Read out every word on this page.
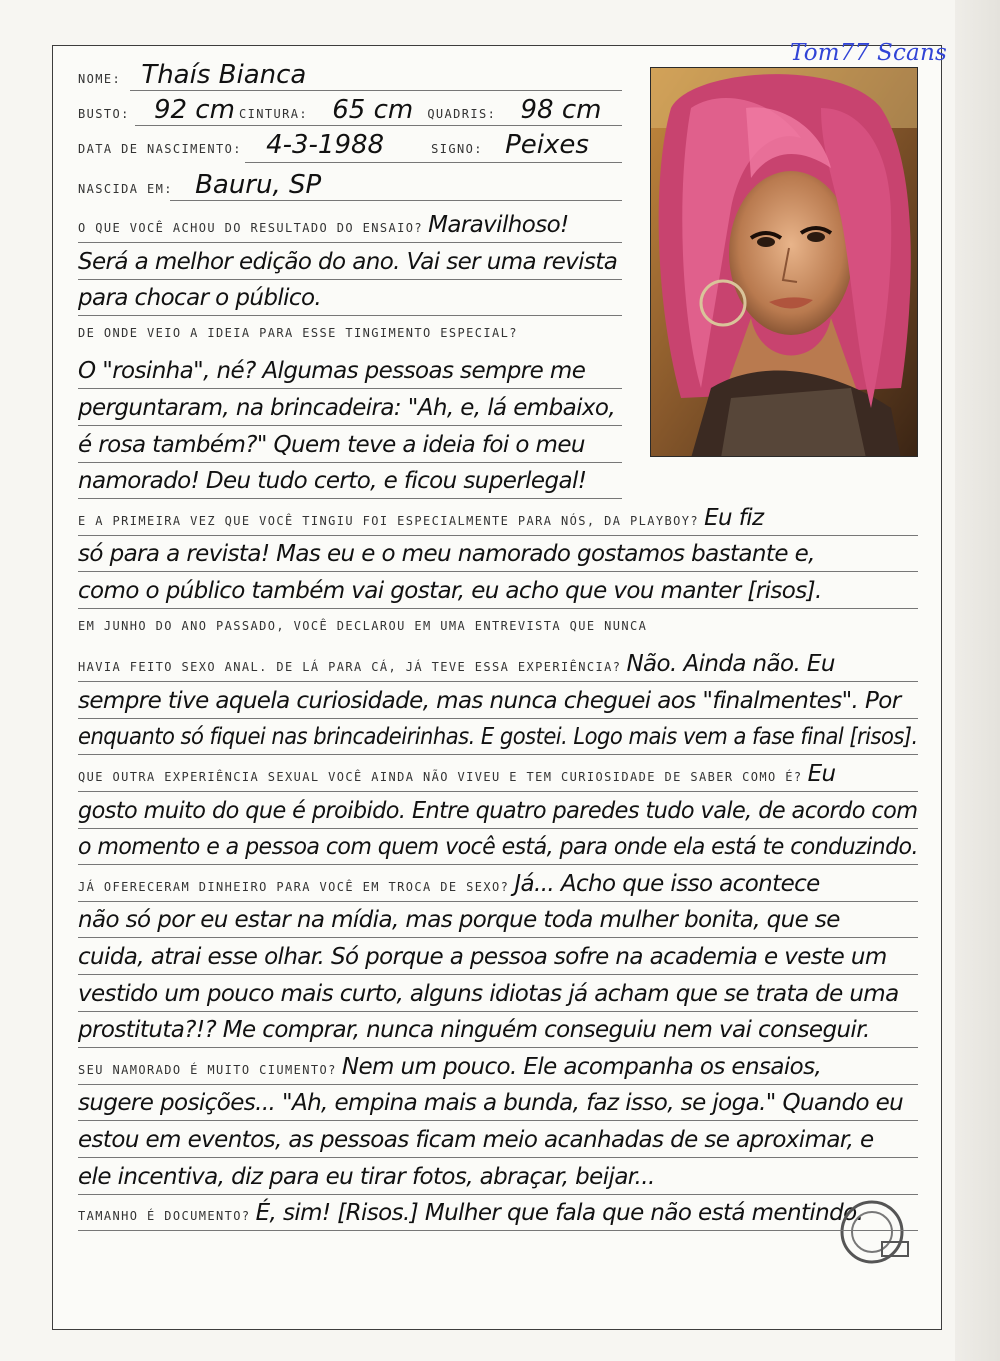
Tom77 Scans
NOME: Thaís Bianca
BUSTO: 92 cm CINTURA: 65 cm QUADRIS: 98 cm
DATA DE NASCIMENTO: 4-3-1988	SIGNO: Peixes
NASCIDA EM: Bauru, SP
O QUE VOCÊ ACHOU DO RESULTADO DO ENSAIO? Maravilhoso!
Será a melhor edição do ano. Vai ser uma revista
para chocar o público.
DE ONDE VEIO A IDEIA PARA ESSE TINGIMENTO ESPECIAL?
O "rosinha", né? Algumas pessoas sempre me
perguntaram, na brincadeira: "Ah, e, lá embaixo,
é rosa também?" Quem teve a ideia foi o meu
namorado! Deu tudo certo, e ficou superlegal!
E A PRIMEIRA VEZ QUE VOCÊ TINGIU FOI ESPECIALMENTE PARA NÓS, DA PLAYBOY? Eu fiz
só para a revista! Mas eu e o meu namorado gostamos bastante e,
como o público também vai gostar, eu acho que vou manter [risos].
EM JUNHO DO ANO PASSADO, VOCÊ DECLAROU EM UMA ENTREVISTA QUE NUNCA
HAVIA FEITO SEXO ANAL. DE LÁ PARA CÁ, JÁ TEVE ESSA EXPERIÊNCIA? Não. Ainda não. Eu
sempre tive aquela curiosidade, mas nunca cheguei aos "finalmentes". Por
enquanto só fiquei nas brincadeirinhas. E gostei. Logo mais vem a fase final [risos].
QUE OUTRA EXPERIÊNCIA SEXUAL VOCÊ AINDA NÃO VIVEU E TEM CURIOSIDADE DE SABER COMO É? Eu
gosto muito do que é proibido. Entre quatro paredes tudo vale, de acordo com
o momento e a pessoa com quem você está, para onde ela está te conduzindo.
JÁ OFERECERAM DINHEIRO PARA VOCÊ EM TROCA DE SEXO? Já... Acho que isso acontece
não só por eu estar na mídia, mas porque toda mulher bonita, que se
cuida, atrai esse olhar. Só porque a pessoa sofre na academia e veste um
vestido um pouco mais curto, alguns idiotas já acham que se trata de uma
prostituta?!? Me comprar, nunca ninguém conseguiu nem vai conseguir.
SEU NAMORADO É MUITO CIUMENTO? Nem um pouco. Ele acompanha os ensaios,
sugere posições... "Ah, empina mais a bunda, faz isso, se joga." Quando eu
estou em eventos, as pessoas ficam meio acanhadas de se aproximar, e
ele incentiva, diz para eu tirar fotos, abraçar, beijar...
TAMANHO É DOCUMENTO? É, sim! [Risos.] Mulher que fala que não está mentindo.
